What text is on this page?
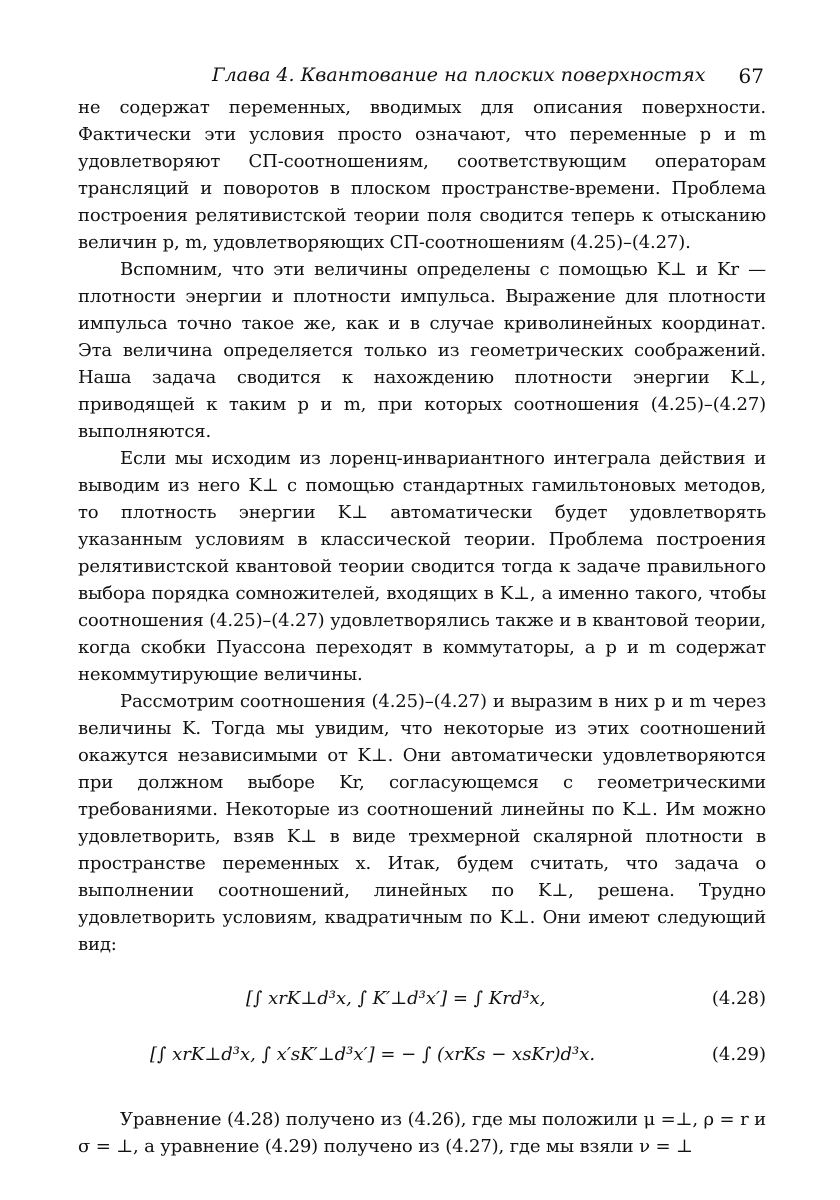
Глава 4. Квантование на плоских поверхностях 67

не содержат переменных, вводимых для описания поверхности. Фактически эти условия просто означают, что переменные p и m удовлетворяют СП-соотношениям, соответствующим операторам трансляций и поворотов в плоском пространстве-времени. Проблема построения релятивистской теории поля сводится теперь к отысканию величин p, m, удовлетворяющих СП-соотношениям (4.25)–(4.27).

Вспомним, что эти величины определены с помощью K⊥ и Kr — плотности энергии и плотности импульса. Выражение для плотности импульса точно такое же, как и в случае криволинейных координат. Эта величина определяется только из геометрических соображений. Наша задача сводится к нахождению плотности энергии K⊥, приводящей к таким p и m, при которых соотношения (4.25)–(4.27) выполняются.

Если мы исходим из лоренц-инвариантного интеграла действия и выводим из него K⊥ с помощью стандартных гамильтоновых методов, то плотность энергии K⊥ автоматически будет удовлетворять указанным условиям в классической теории. Проблема построения релятивистской квантовой теории сводится тогда к задаче правильного выбора порядка сомножителей, входящих в K⊥, а именно такого, чтобы соотношения (4.25)–(4.27) удовлетворялись также и в квантовой теории, когда скобки Пуассона переходят в коммутаторы, а p и m содержат некоммутирующие величины.

Рассмотрим соотношения (4.25)–(4.27) и выразим в них p и m через величины K. Тогда мы увидим, что некоторые из этих соотношений окажутся независимыми от K⊥. Они автоматически удовлетворяются при должном выборе Kr, согласующемся с геометрическими требованиями. Некоторые из соотношений линейны по K⊥. Им можно удовлетворить, взяв K⊥ в виде трехмерной скалярной плотности в пространстве переменных x. Итак, будем считать, что задача о выполнении соотношений, линейных по K⊥, решена. Трудно удовлетворить условиям, квадратичным по K⊥. Они имеют следующий вид:

[∫ xrK⊥d³x, ∫ K′⊥d³x′] = ∫ Krd³x,	(4.28)
[∫ xrK⊥d³x, ∫ x′sK′⊥d³x′] = − ∫ (xrKs − xsKr)d³x.	(4.29)

Уравнение (4.28) получено из (4.26), где мы положили μ =⊥, ρ = r и σ = ⊥, а уравнение (4.29) получено из (4.27), где мы взяли ν = ⊥
